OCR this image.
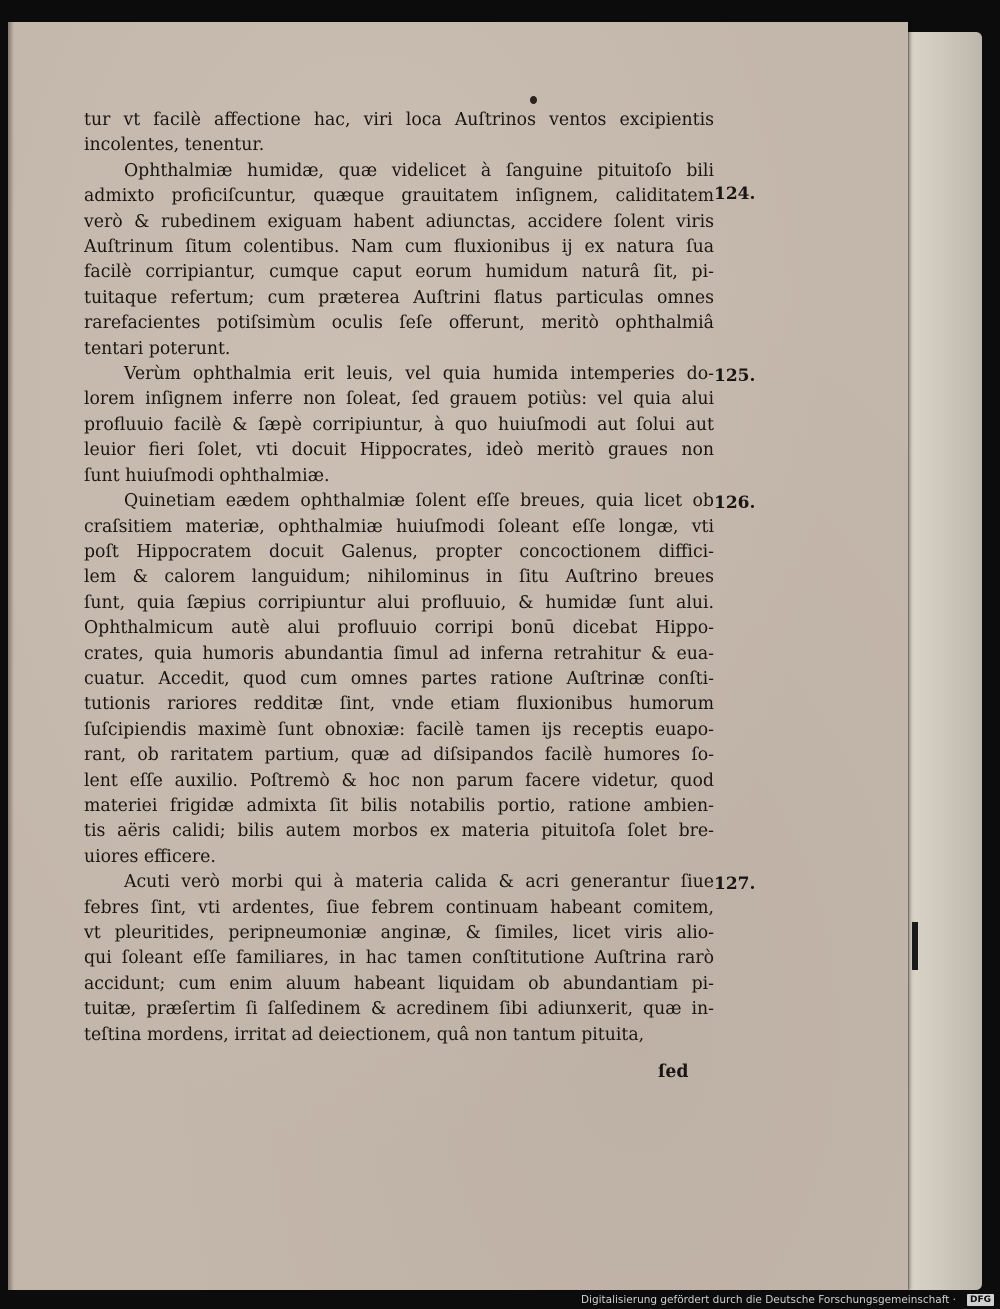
tur vt facilè affectione hac, viri loca Auſtrinos ventos excipientis
incolentes, tenentur.

Ophthalmiæ humidæ, quæ videlicet à ſanguine pituitoſo bili
admixto proficiſcuntur, quæque grauitatem inſignem, caliditatem
verò & rubedinem exiguam habent adiunctas, accidere ſolent viris
Auſtrinum ſitum colentibus. Nam cum fluxionibus ij ex natura ſua
facilè corripiantur, cumque caput eorum humidum naturâ ſit, pi-
tuitaque refertum; cum præterea Auſtrini flatus particulas omnes
rarefacientes potiſsimùm oculis ſeſe offerunt, meritò ophthalmiâ
tentari poterunt.

Verùm ophthalmia erit leuis, vel quia humida intemperies do-
lorem inſignem inferre non ſoleat, ſed grauem potiùs: vel quia alui
profluuio facilè & ſæpè corripiuntur, à quo huiuſmodi aut ſolui aut
leuior fieri ſolet, vti docuit Hippocrates, ideò meritò graues non
ſunt huiuſmodi ophthalmiæ.

Quinetiam eædem ophthalmiæ ſolent eſſe breues, quia licet ob
craſsitiem materiæ, ophthalmiæ huiuſmodi ſoleant eſſe longæ, vti
poſt Hippocratem docuit Galenus, propter concoctionem diffici-
lem & calorem languidum; nihilominus in ſitu Auſtrino breues
ſunt, quia ſæpius corripiuntur alui profluuio, & humidæ ſunt alui.
Ophthalmicum autè alui profluuio corripi bonū dicebat Hippo-
crates, quia humoris abundantia ſimul ad inferna retrahitur & eua-
cuatur. Accedit, quod cum omnes partes ratione Auſtrinæ conſti-
tutionis rariores redditæ ſint, vnde etiam fluxionibus humorum
ſuſcipiendis maximè ſunt obnoxiæ: facilè tamen ijs receptis euapo-
rant, ob raritatem partium, quæ ad diſsipandos facilè humores ſo-
lent eſſe auxilio. Poſtremò & hoc non parum facere videtur, quod
materiei frigidæ admixta ſit bilis notabilis portio, ratione ambien-
tis aëris calidi; bilis autem morbos ex materia pituitoſa ſolet bre-
uiores efficere.

Acuti verò morbi qui à materia calida & acri generantur ſiue
febres ſint, vti ardentes, ſiue febrem continuam habeant comitem,
vt pleuritides, peripneumoniæ anginæ, & ſimiles, licet viris alio-
qui ſoleant eſſe familiares, in hac tamen conſtitutione Auſtrina rarò
accidunt; cum enim aluum habeant liquidam ob abundantiam pi-
tuitæ, præſertim ſi ſalſedinem & acredinem ſibi adiunxerit, quæ in-
teſtina mordens, irritat ad deiectionem, quâ non tantum pituita,

124.
125.
126.
127.
ſed
Digitalisierung gefördert durch die Deutsche Forschungsgemeinschaft ·	DFG
